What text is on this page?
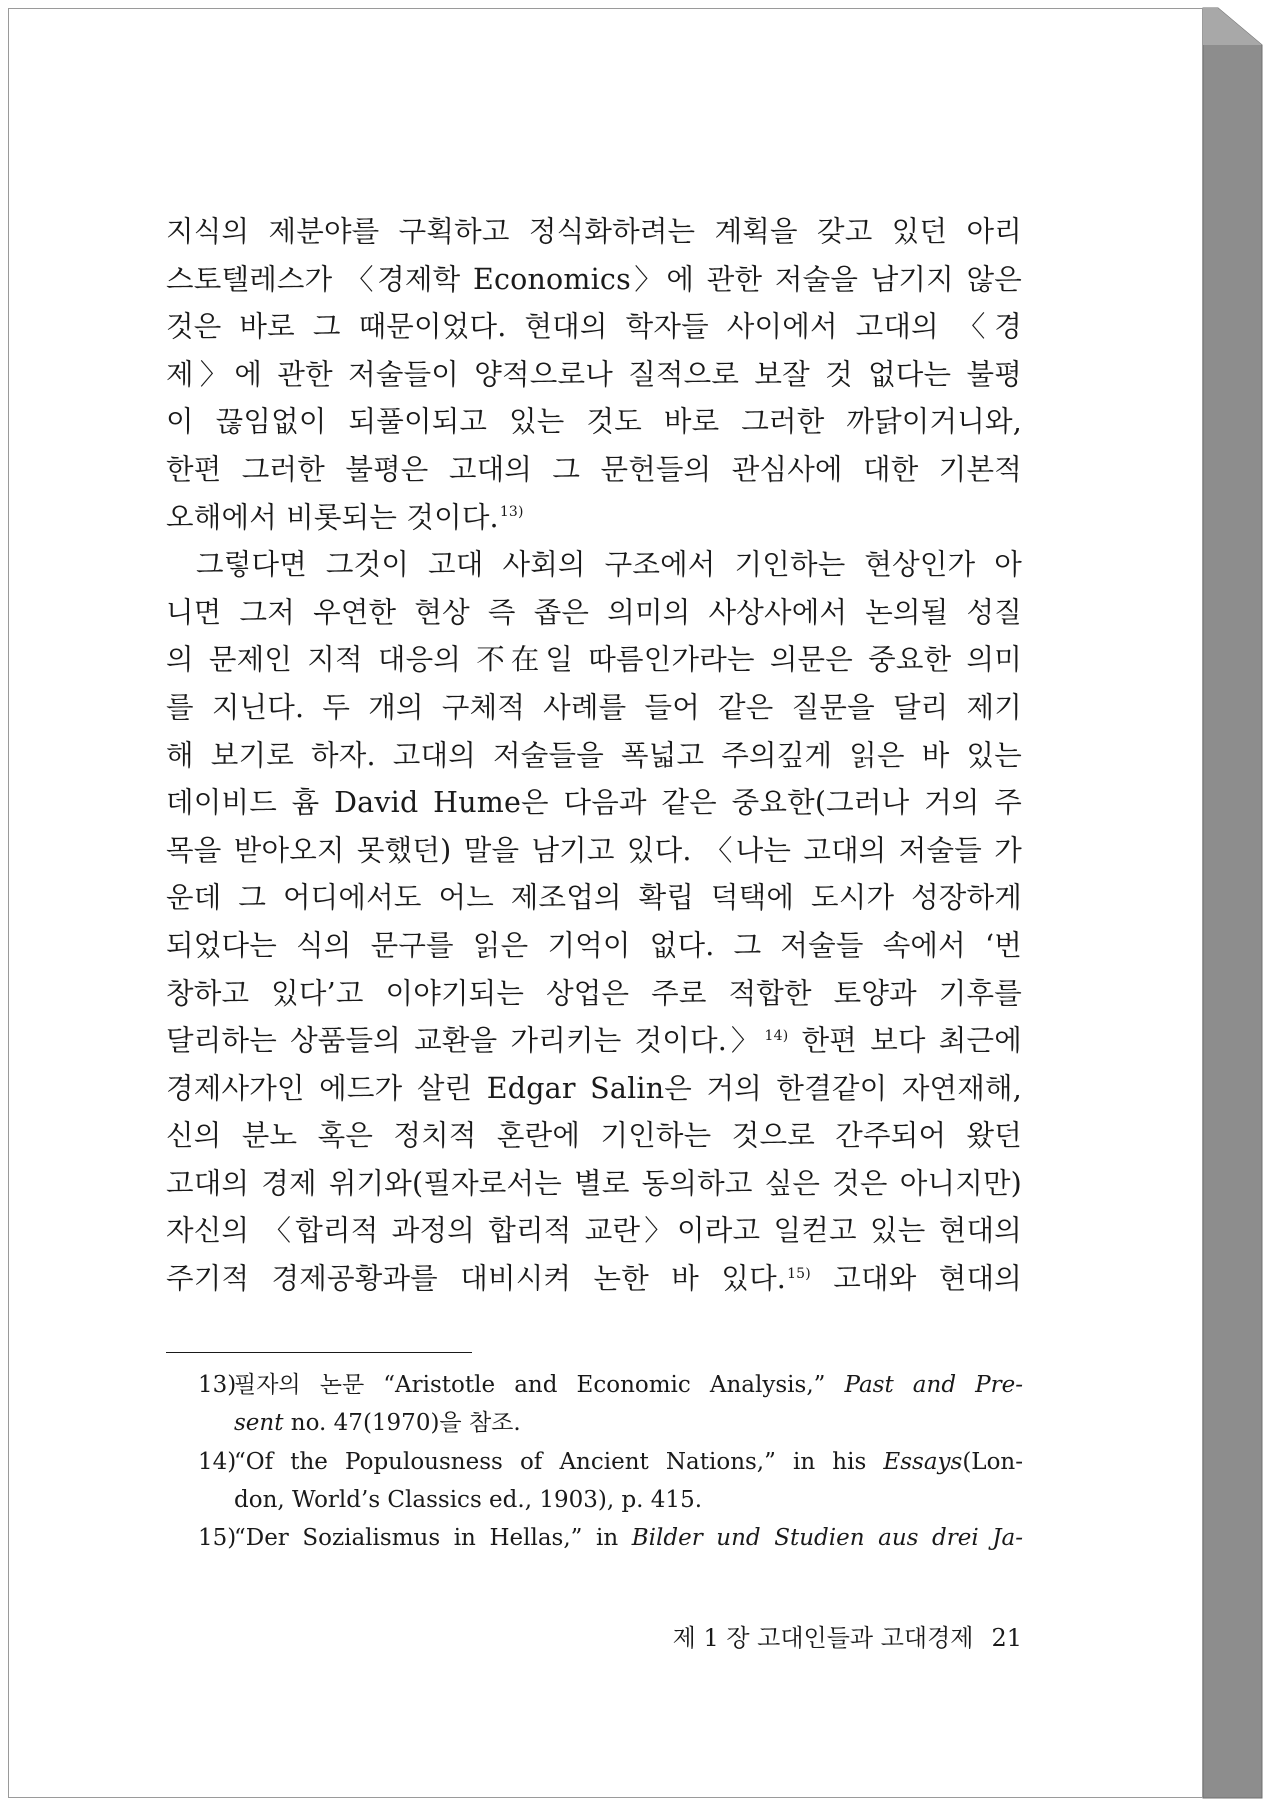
지식의 제분야를 구획하고 정식화하려는 계획을 갖고 있던 아리
스토텔레스가 〈경제학 Economics〉에 관한 저술을 남기지 않은
것은 바로 그 때문이었다. 현대의 학자들 사이에서 고대의 〈경
제〉에 관한 저술들이 양적으로나 질적으로 보잘 것 없다는 불평
이 끊임없이 되풀이되고 있는 것도 바로 그러한 까닭이거니와,
한편 그러한 불평은 고대의 그 문헌들의 관심사에 대한 기본적
오해에서 비롯되는 것이다.$^{13)}$
그렇다면 그것이 고대 사회의 구조에서 기인하는 현상인가 아
니면 그저 우연한 현상 즉 좁은 의미의 사상사에서 논의될 성질
의 문제인 지적 대응의 不在일 따름인가라는 의문은 중요한 의미
를 지닌다. 두 개의 구체적 사례를 들어 같은 질문을 달리 제기
해 보기로 하자. 고대의 저술들을 폭넓고 주의깊게 읽은 바 있는
데이비드 흄 David Hume은 다음과 같은 중요한(그러나 거의 주
목을 받아오지 못했던) 말을 남기고 있다. 〈나는 고대의 저술들 가
운데 그 어디에서도 어느 제조업의 확립 덕택에 도시가 성장하게
되었다는 식의 문구를 읽은 기억이 없다. 그 저술들 속에서 ‘번
창하고 있다’고 이야기되는 상업은 주로 적합한 토양과 기후를
달리하는 상품들의 교환을 가리키는 것이다.〉$^{14)}$ 한편 보다 최근에
경제사가인 에드가 살린 Edgar Salin은 거의 한결같이 자연재해,
신의 분노 혹은 정치적 혼란에 기인하는 것으로 간주되어 왔던
고대의 경제 위기와(필자로서는 별로 동의하고 싶은 것은 아니지만)
자신의 〈합리적 과정의 합리적 교란〉이라고 일컫고 있는 현대의
주기적 경제공황과를 대비시켜 논한 바 있다.$^{15)}$ 고대와 현대의
13)필자의 논문 “Aristotle and Economic Analysis,” Past and Pre-
sent no. 47(1970)을 참조.
14)“Of the Populousness of Ancient Nations,” in his Essays(Lon-
don, World’s Classics ed., 1903), p. 415.
15)“Der Sozialismus in Hellas,” in Bilder und Studien aus drei Ja-
제 1 장 고대인들과 고대경제 21
